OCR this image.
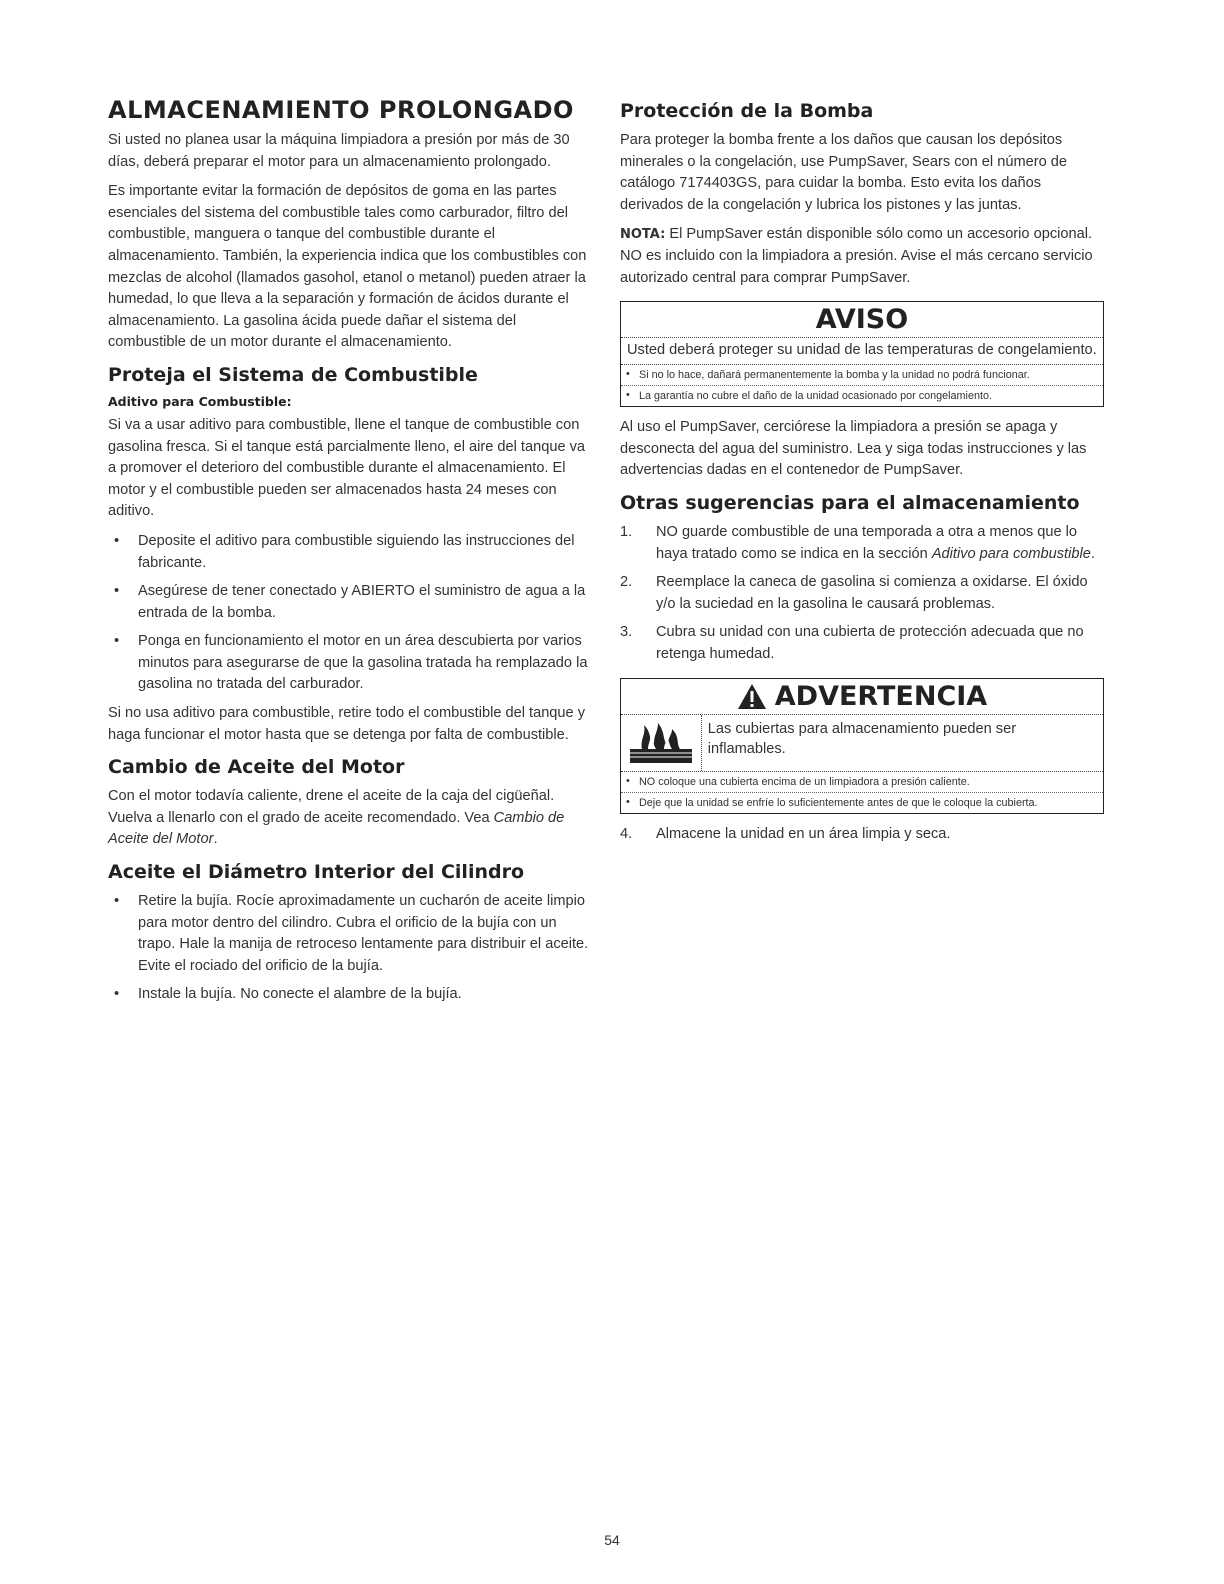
ALMACENAMIENTO PROLONGADO

Si usted no planea usar la máquina limpiadora a presión por más de 30 días, deberá preparar el motor para un almacenamiento prolongado.

Es importante evitar la formación de depósitos de goma en las partes esenciales del sistema del combustible tales como carburador, filtro del combustible, manguera o tanque del combustible durante el almacenamiento. También, la experiencia indica que los combustibles con mezclas de alcohol (llamados gasohol, etanol o metanol) pueden atraer la humedad, lo que lleva a la separación y formación de ácidos durante el almacenamiento. La gasolina ácida puede dañar el sistema del combustible de un motor durante el almacenamiento.

Proteja el Sistema de Combustible
Aditivo para Combustible:

Si va a usar aditivo para combustible, llene el tanque de combustible con gasolina fresca. Si el tanque está parcialmente lleno, el aire del tanque va a promover el deterioro del combustible durante el almacenamiento. El motor y el combustible pueden ser almacenados hasta 24 meses con aditivo.

• Deposite el aditivo para combustible siguiendo las instrucciones del fabricante.
• Asegúrese de tener conectado y ABIERTO el suministro de agua a la entrada de la bomba.
• Ponga en funcionamiento el motor en un área descubierta por varios minutos para asegurarse de que la gasolina tratada ha remplazado la gasolina no tratada del carburador.

Si no usa aditivo para combustible, retire todo el combustible del tanque y haga funcionar el motor hasta que se detenga por falta de combustible.

Cambio de Aceite del Motor

Con el motor todavía caliente, drene el aceite de la caja del cigüeñal. Vuelva a llenarlo con el grado de aceite recomendado. Vea Cambio de Aceite del Motor.

Aceite el Diámetro Interior del Cilindro
• Retire la bujía. Rocíe aproximadamente un cucharón de aceite limpio para motor dentro del cilindro. Cubra el orificio de la bujía con un trapo. Hale la manija de retroceso lentamente para distribuir el aceite. Evite el rociado del orificio de la bujía.
• Instale la bujía. No conecte el alambre de la bujía.
Protección de la Bomba

Para proteger la bomba frente a los daños que causan los depósitos minerales o la congelación, use PumpSaver, Sears con el número de catálogo 7174403GS, para cuidar la bomba. Esto evita los daños derivados de la congelación y lubrica los pistones y las juntas.

NOTA: El PumpSaver están disponible sólo como un accesorio opcional. NO es incluido con la limpiadora a presión. Avise el más cercano servicio autorizado central para comprar PumpSaver.

AVISO
Usted deberá proteger su unidad de las temperaturas de congelamiento.
• Si no lo hace, dañará permanentemente la bomba y la unidad no podrá funcionar.
• La garantía no cubre el daño de la unidad ocasionado por congelamiento.

Al uso el PumpSaver, cerciórese la limpiadora a presión se apaga y desconecta del agua del suministro. Lea y siga todas instrucciones y las advertencias dadas en el contenedor de PumpSaver.

Otras sugerencias para el almacenamiento
1. NO guarde combustible de una temporada a otra a menos que lo haya tratado como se indica en la sección Aditivo para combustible.
2. Reemplace la caneca de gasolina si comienza a oxidarse. El óxido y/o la suciedad en la gasolina le causará problemas.
3. Cubra su unidad con una cubierta de protección adecuada que no retenga humedad.
ADVERTENCIA
Las cubiertas para almacenamiento pueden ser inflamables.
• NO coloque una cubierta encima de un limpiadora a presión caliente.
• Deje que la unidad se enfríe lo suficientemente antes de que le coloque la cubierta.
4. Almacene la unidad en un área limpia y seca.
54
